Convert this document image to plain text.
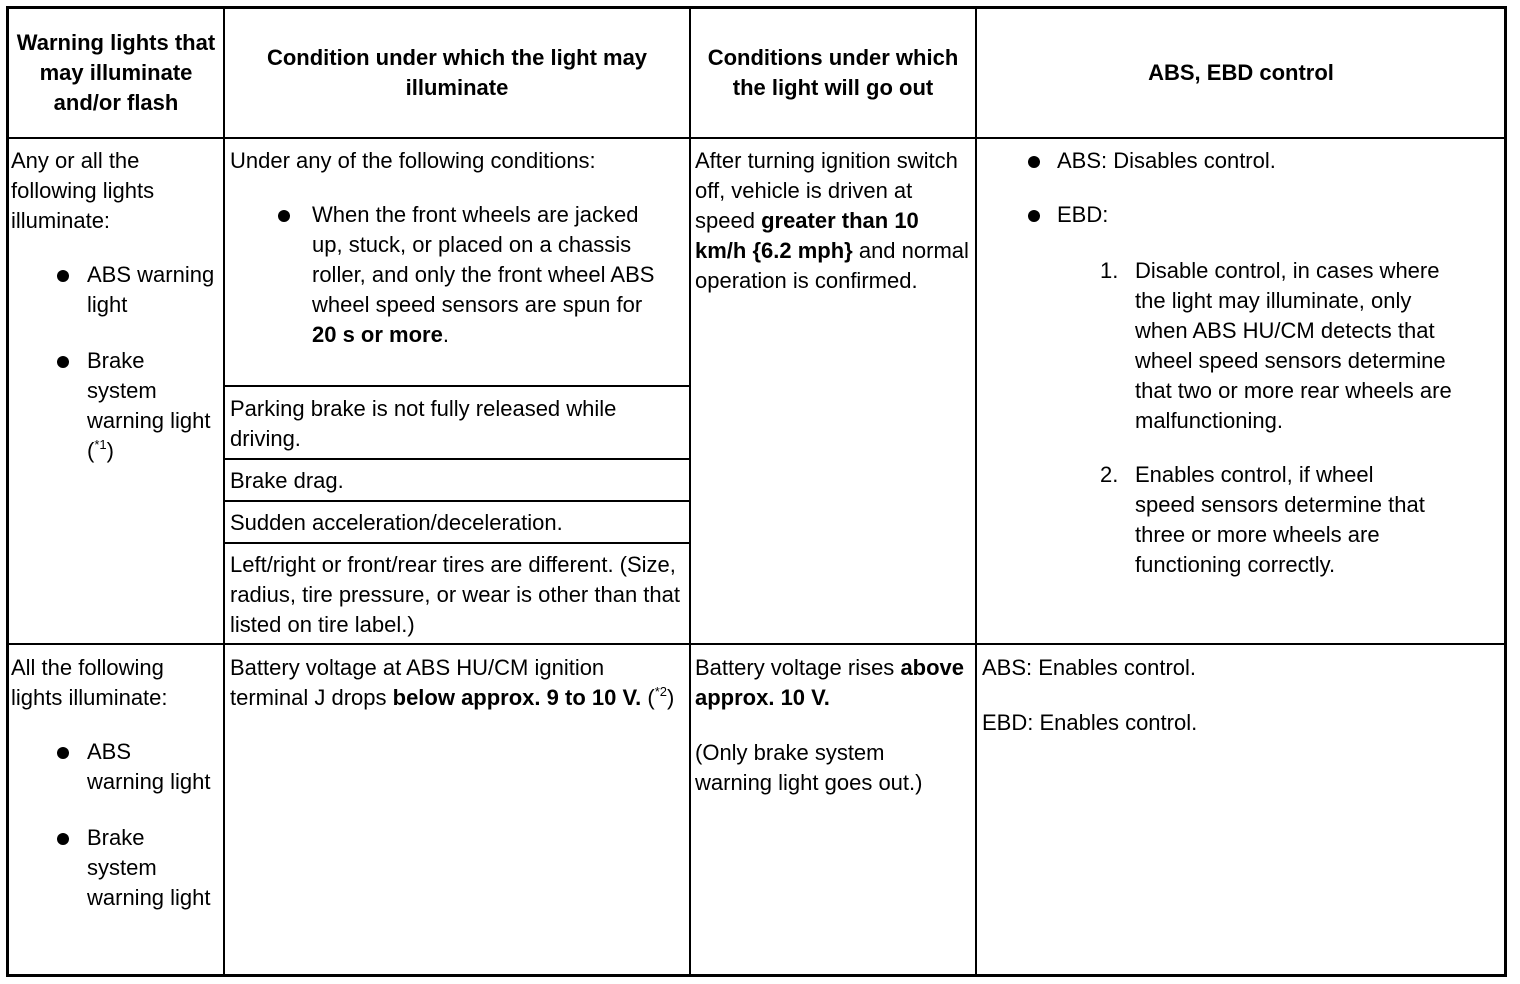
Warning lights that may illuminate and/or flash
Condition under which the light may illuminate
Conditions under which the light will go out
ABS, EBD control

Any or all the following lights illuminate:

ABS warning light

Brake system warning light ($^{*1}$)

Under any of the following conditions:

When the front wheels are jacked up, stuck, or placed on a chassis roller, and only the front wheel ABS wheel speed sensors are spun for 20 s or more.

Parking brake is not fully released while driving.
Brake drag.
Sudden acceleration/deceleration.
Left/right or front/rear tires are different. (Size, radius, tire pressure, or wear is other than that listed on tire label.)
After turning ignition switch off, vehicle is driven at speed greater than 10 km/h {6.2 mph} and normal operation is confirmed.

ABS: Disables control.

EBD:

1. Disable control, in cases where the light may illuminate, only when ABS HU/CM detects that wheel speed sensors determine that two or more rear wheels are malfunctioning.

2. Enables control, if wheel speed sensors determine that three or more wheels are functioning correctly.

All the following lights illuminate:

ABS warning light

Brake system warning light

Battery voltage at ABS HU/CM ignition terminal J drops below approx. 9 to 10 V. ($^{*2}$)

Battery voltage rises above approx. 10 V.

(Only brake system warning light goes out.)

ABS: Enables control.

EBD: Enables control.
